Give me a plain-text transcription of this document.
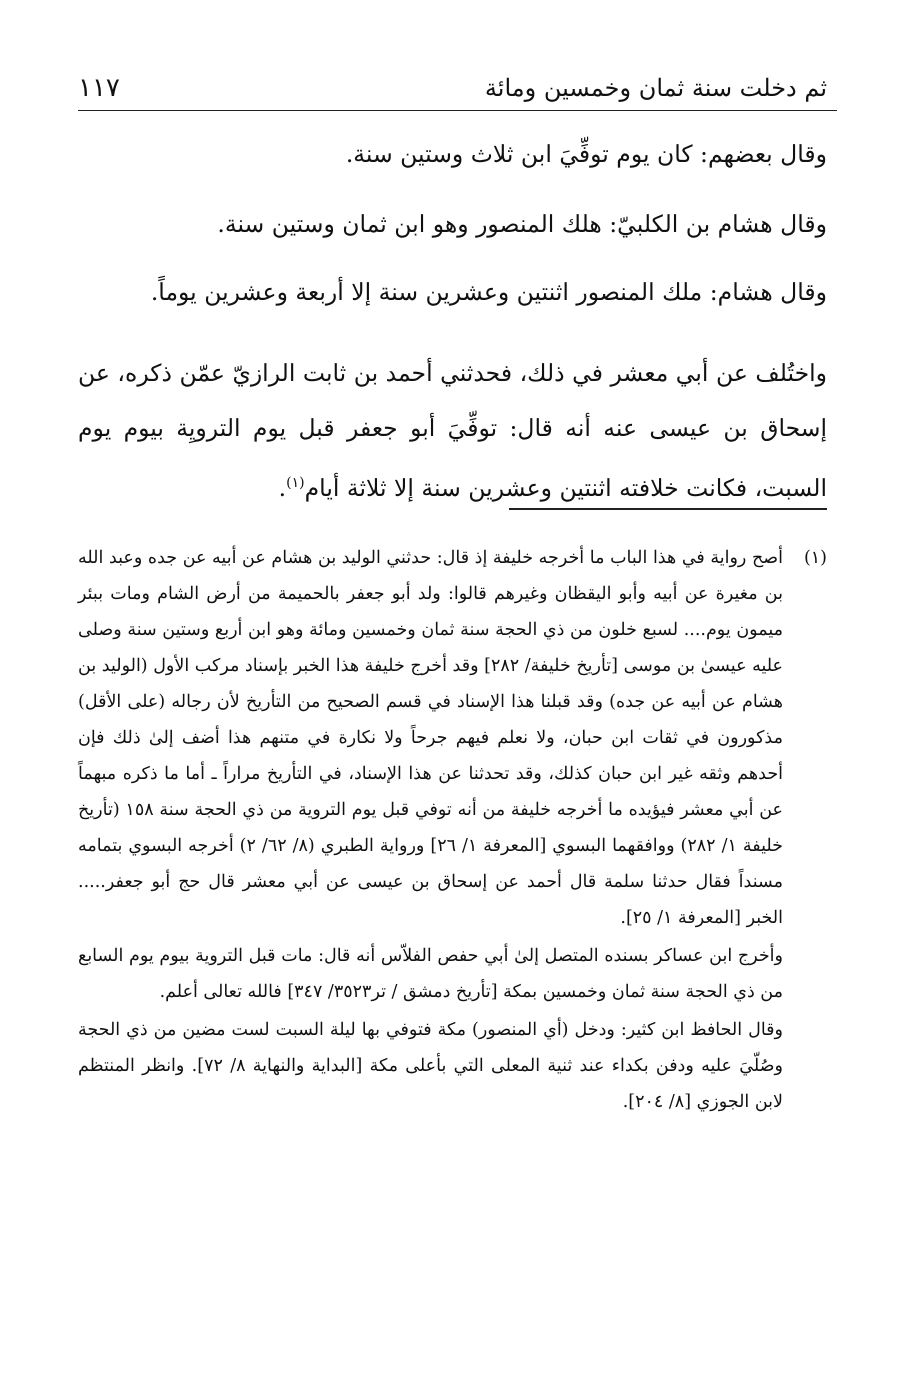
ثم دخلت سنة ثمان وخمسين ومائة
١١٧

وقال بعضهم: كان يوم توفِّيَ ابن ثلاث وستين سنة.

وقال هشام بن الكلبيّ: هلك المنصور وهو ابن ثمان وستين سنة.

وقال هشام: ملك المنصور اثنتين وعشرين سنة إلا أربعة وعشرين يوماً.

واختُلف عن أبي معشر في ذلك، فحدثني أحمد بن ثابت الرازيّ عمّن ذكره، عن إسحاق بن عيسى عنه أنه قال: توفِّيَ أبو جعفر قبل يوم الترويِة بيوم يوم السبت، فكانت خلافته اثنتين وعشرين سنة إلا ثلاثة أيام$^{(١)}$.

(١)

أصح رواية في هذا الباب ما أخرجه خليفة إذ قال: حدثني الوليد بن هشام عن أبيه عن جده وعبد الله بن مغيرة عن أبيه وأبو اليقظان وغيرهم قالوا: ولد أبو جعفر بالحميمة من أرض الشام ومات ببئر ميمون يوم.... لسبع خلون من ذي الحجة سنة ثمان وخمسين ومائة وهو ابن أربع وستين سنة وصلى عليه عيسىٰ بن موسى [تأريخ خليفة/ ٢٨٢] وقد أخرج خليفة هذا الخبر بإسناد مركب الأول (الوليد بن هشام عن أبيه عن جده) وقد قبلنا هذا الإسناد في قسم الصحيح من التأريخ لأن رجاله (على الأقل) مذكورون في ثقات ابن حبان، ولا نعلم فيهم جرحاً ولا نكارة في متنهم هذا أضف إلىٰ ذلك فإن أحدهم وثقه غير ابن حبان كذلك، وقد تحدثنا عن هذا الإسناد، في التأريخ مراراً ـ أما ما ذكره مبهماً عن أبي معشر فيؤيده ما أخرجه خليفة من أنه توفي قبل يوم التروية من ذي الحجة سنة ١٥٨ (تأريخ خليفة ١/ ٢٨٢) ووافقهما البسوي [المعرفة ١/ ٢٦] ورواية الطبري (٨/ ٦٢/ ٢) أخرجه البسوي بتمامه مسنداً فقال حدثنا سلمة قال أحمد عن إسحاق بن عيسى عن أبي معشر قال حج أبو جعفر..... الخبر [المعرفة ١/ ٢٥].

وأخرج ابن عساكر بسنده المتصل إلىٰ أبي حفص الفلاّس أنه قال: مات قبل التروية بيوم يوم السابع من ذي الحجة سنة ثمان وخمسين بمكة [تأريخ دمشق / تر٣٥٢٣/ ٣٤٧] فالله تعالى أعلم.

وقال الحافظ ابن كثير: ودخل (أي المنصور) مكة فتوفي بها ليلة السبت لست مضين من ذي الحجة وصُلّيَ عليه ودفن بكداء عند ثنية المعلى التي بأعلى مكة [البداية والنهاية ٨/ ٧٢]. وانظر المنتظم لابن الجوزي [٨/ ٢٠٤].
